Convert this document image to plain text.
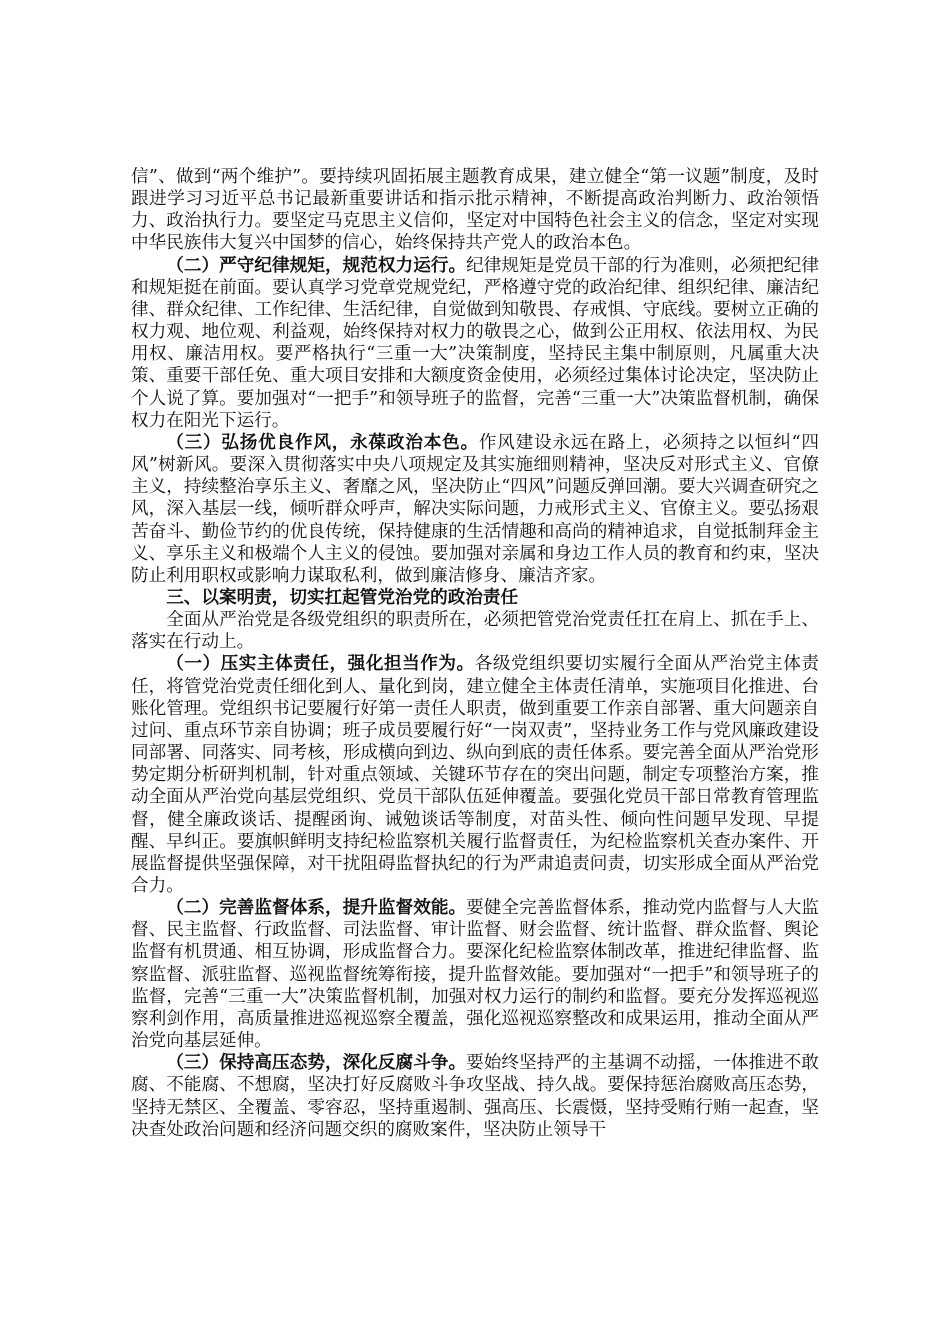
信”、做到“两个维护”。要持续巩固拓展主题教育成果，建立健全“第一议题”制度，及时跟进学习习近平总书记最新重要讲话和指示批示精神，不断提高政治判断力、政治领悟力、政治执行力。要坚定马克思主义信仰，坚定对中国特色社会主义的信念，坚定对实现中华民族伟大复兴中国梦的信心，始终保持共产党人的政治本色。

（二）严守纪律规矩，规范权力运行。纪律规矩是党员干部的行为准则，必须把纪律和规矩挺在前面。要认真学习党章党规党纪，严格遵守党的政治纪律、组织纪律、廉洁纪律、群众纪律、工作纪律、生活纪律，自觉做到知敬畏、存戒惧、守底线。要树立正确的权力观、地位观、利益观，始终保持对权力的敬畏之心，做到公正用权、依法用权、为民用权、廉洁用权。要严格执行“三重一大”决策制度，坚持民主集中制原则，凡属重大决策、重要干部任免、重大项目安排和大额度资金使用，必须经过集体讨论决定，坚决防止个人说了算。要加强对“一把手”和领导班子的监督，完善“三重一大”决策监督机制，确保权力在阳光下运行。

（三）弘扬优良作风，永葆政治本色。作风建设永远在路上，必须持之以恒纠“四风”树新风。要深入贯彻落实中央八项规定及其实施细则精神，坚决反对形式主义、官僚主义，持续整治享乐主义、奢靡之风，坚决防止“四风”问题反弹回潮。要大兴调查研究之风，深入基层一线，倾听群众呼声，解决实际问题，力戒形式主义、官僚主义。要弘扬艰苦奋斗、勤俭节约的优良传统，保持健康的生活情趣和高尚的精神追求，自觉抵制拜金主义、享乐主义和极端个人主义的侵蚀。要加强对亲属和身边工作人员的教育和约束，坚决防止利用职权或影响力谋取私利，做到廉洁修身、廉洁齐家。

三、以案明责，切实扛起管党治党的政治责任

全面从严治党是各级党组织的职责所在，必须把管党治党责任扛在肩上、抓在手上、落实在行动上。

（一）压实主体责任，强化担当作为。各级党组织要切实履行全面从严治党主体责任，将管党治党责任细化到人、量化到岗，建立健全主体责任清单，实施项目化推进、台账化管理。党组织书记要履行好第一责任人职责，做到重要工作亲自部署、重大问题亲自过问、重点环节亲自协调；班子成员要履行好“一岗双责”，坚持业务工作与党风廉政建设同部署、同落实、同考核，形成横向到边、纵向到底的责任体系。要完善全面从严治党形势定期分析研判机制，针对重点领域、关键环节存在的突出问题，制定专项整治方案，推动全面从严治党向基层党组织、党员干部队伍延伸覆盖。要强化党员干部日常教育管理监督，健全廉政谈话、提醒函询、诫勉谈话等制度，对苗头性、倾向性问题早发现、早提醒、早纠正。要旗帜鲜明支持纪检监察机关履行监督责任，为纪检监察机关查办案件、开展监督提供坚强保障，对干扰阻碍监督执纪的行为严肃追责问责，切实形成全面从严治党合力。

（二）完善监督体系，提升监督效能。要健全完善监督体系，推动党内监督与人大监督、民主监督、行政监督、司法监督、审计监督、财会监督、统计监督、群众监督、舆论监督有机贯通、相互协调，形成监督合力。要深化纪检监察体制改革，推进纪律监督、监察监督、派驻监督、巡视监督统筹衔接，提升监督效能。要加强对“一把手”和领导班子的监督，完善“三重一大”决策监督机制，加强对权力运行的制约和监督。要充分发挥巡视巡察利剑作用，高质量推进巡视巡察全覆盖，强化巡视巡察整改和成果运用，推动全面从严治党向基层延伸。

（三）保持高压态势，深化反腐斗争。要始终坚持严的主基调不动摇，一体推进不敢腐、不能腐、不想腐，坚决打好反腐败斗争攻坚战、持久战。要保持惩治腐败高压态势，坚持无禁区、全覆盖、零容忍，坚持重遏制、强高压、长震慑，坚持受贿行贿一起查，坚决查处政治问题和经济问题交织的腐败案件，坚决防止领导干
